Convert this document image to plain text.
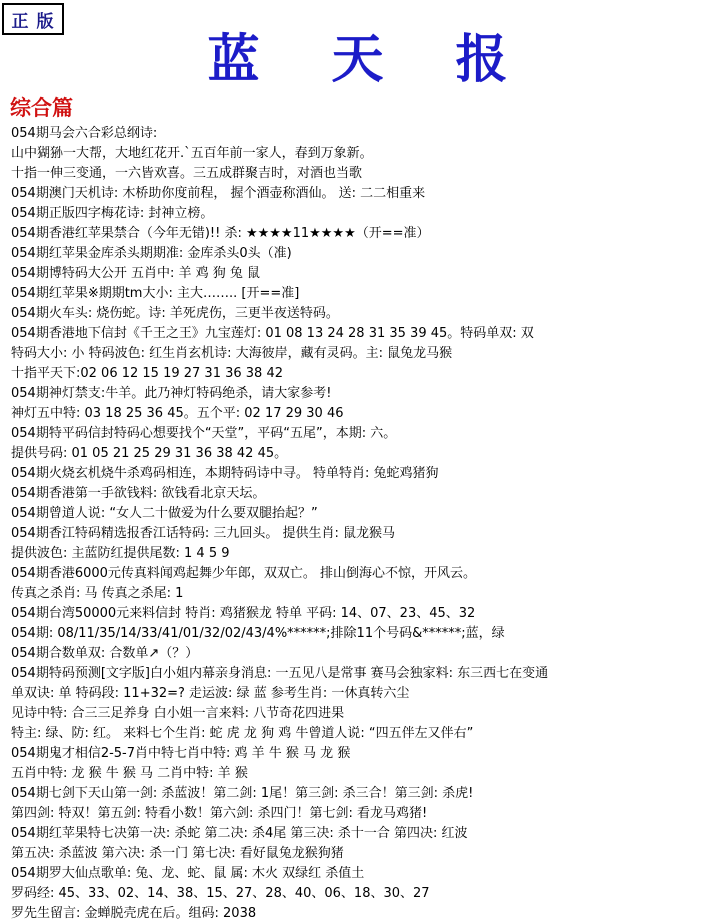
正 版
蓝天报
综合篇
054期马会六合彩总纲诗:
山中猢狲一大帮，大地红花开.`五百年前一家人，春到万象新。
十指一伸三变通，一六皆欢喜。三五成群聚吉时，对酒也当歌
054期澳门天机诗: 木桥助你度前程， 握个酒壶称酒仙。 送: 二二相重来
054期正版四字梅花诗: 封神立榜。
054期香港红苹果禁合（今年无错)!! 杀: ★★★★11★★★★（开==准）
054期红苹果金库杀头期期准: 金库杀头0头（准)
054期博特码大公开 五肖中: 羊 鸡 狗 兔 鼠
054期红苹果※期期tm大小: 主大…….. [开==准]
054期火车头: 烧伤蛇。诗: 羊死虎伤，三更半夜送特码。
054期香港地下信封《千王之王》九宝莲灯: 01 08 13 24 28 31 35 39 45。特码单双: 双
特码大小: 小 特码波色: 红生肖玄机诗: 大海彼岸，藏有灵码。主: 鼠兔龙马猴
十指平天下:02 06 12 15 19 27 31 36 38 42
054期神灯禁支:牛羊。此乃神灯特码绝杀，请大家参考!
神灯五中特: 03 18 25 36 45。五个平: 02 17 29 30 46
054期特平码信封特码心想要找个“天堂”，平码“五尾”，本期: 六。
提供号码: 01 05 21 25 29 31 36 38 42 45。
054期火烧玄机烧牛杀鸡码相连，本期特码诗中寻。 特单特肖: 兔蛇鸡猪狗
054期香港第一手欲钱料: 欲钱看北京天坛。
054期曾道人说: “女人二十做爱为什么要双腿抬起？”
054期香江特码精选报香江话特码: 三九回头。 提供生肖: 鼠龙猴马
提供波色: 主蓝防红提供尾数: 1 4 5 9
054期香港6000元传真料闻鸡起舞少年郎，双双亡。 排山倒海心不惊，开风云。
传真之杀肖: 马 传真之杀尾: 1
054期台湾50000元来料信封 特肖: 鸡猪猴龙 特单 平码: 14、07、23、45、32
054期: 08/11/35/14/33/41/01/32/02/43/4%******;排除11个号码&******;蓝，绿
054期合数单双: 合数单↗（？）
054期特码预测[文字版]白小姐内幕亲身消息: 一五见八是常事 赛马会独家料: 东三西七在变通
单双诀: 单 特码段: 11+32=? 走运波: 绿 蓝 参考生肖: 一休真转六尘
见诗中特: 合三三足养身 白小姐一言来料: 八节奇花四进果
特主: 绿、防: 红。 来料七个生肖: 蛇 虎 龙 狗 鸡 牛曾道人说: “四五伴左又伴右”
054期鬼才相信2-5-7肖中特七肖中特: 鸡 羊 牛 猴 马 龙 猴
五肖中特: 龙 猴 牛 猴 马 二肖中特: 羊 猴
054期七剑下天山第一剑: 杀蓝波！第二剑: 1尾！第三剑: 杀三合！第三剑: 杀虎!
第四剑: 特双！第五剑: 特看小数！第六剑: 杀四门！第七剑: 看龙马鸡猪!
054期红苹果特七决第一决: 杀蛇 第二决: 杀4尾 第三决: 杀十一合 第四决: 红波
第五决: 杀蓝波 第六决: 杀一门 第七决: 看好鼠兔龙猴狗猪
054期罗大仙点歌单: 兔、龙、蛇、鼠 属: 木火 双绿红 杀值土
罗码经: 45、33、02、14、38、15、27、28、40、06、18、30、27
罗先生留言: 金蝉脱壳虎在后。组码: 2038
